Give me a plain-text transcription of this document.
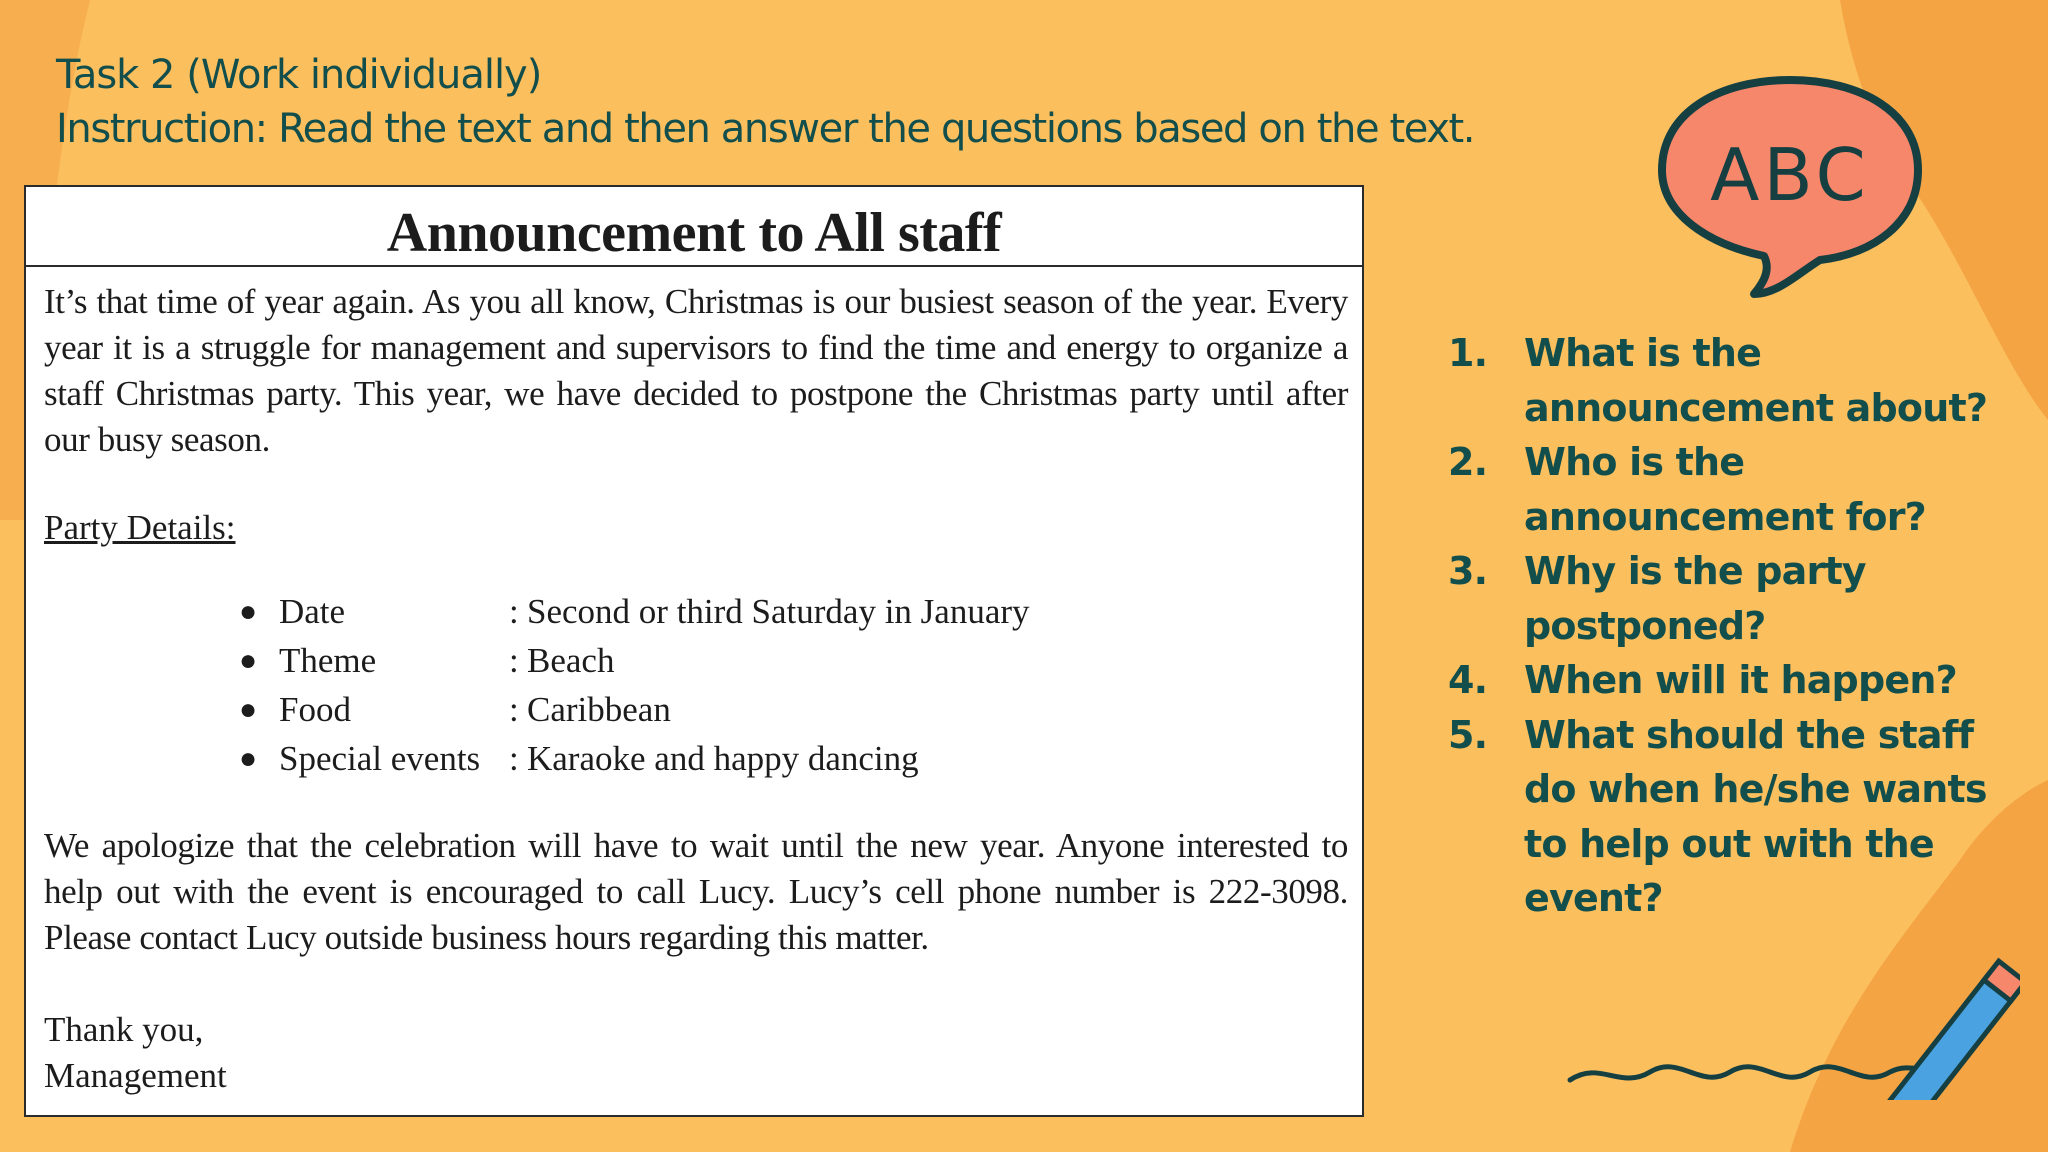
Task 2 (Work individually)
Instruction: Read the text and then answer the questions based on the text.
Announcement to All staff

It’s that time of year again. As you all know, Christmas is our busiest season of the year. Every year it is a struggle for management and supervisors to find the time and energy to organize a staff Christmas party. This year, we have decided to postpone the Christmas party until after our busy season.

Party Details:

● Date	: Second or third Saturday in January
● Theme	: Beach
● Food	: Caribbean
● Special events : Karaoke and happy dancing

We apologize that the celebration will have to wait until the new year. Anyone interested to help out with the event is encouraged to call Lucy. Lucy’s cell phone number is 222-3098. Please contact Lucy outside business hours regarding this matter.

Thank you,

Management

1. What is the announcement about?
2. Who is the announcement for?
3. Why is the party postponed?
4. When will it happen?
5. What should the staff do when he/she wants to help out with the event?
ABC
